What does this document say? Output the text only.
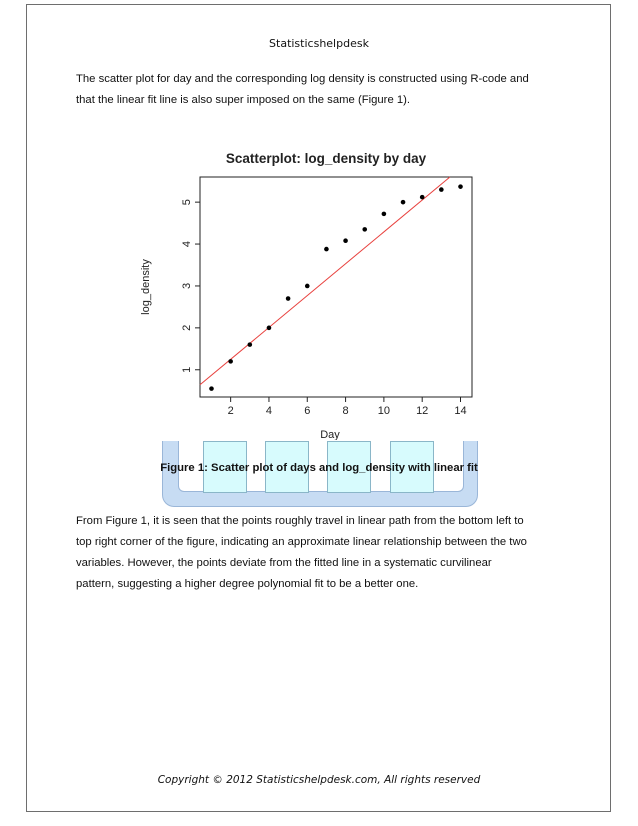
Statisticshelpdesk
The scatter plot for day and the corresponding log density is constructed using R-code and
that the linear fit line is also super imposed on the same (Figure 1).
Scatterplot: log_density by day
2	4	6	8	10 12 14
1
2
3
4
5
Day
log_density
Figure 1: Scatter plot of days and log_density with linear fit
From Figure 1, it is seen that the points roughly travel in linear path from the bottom left to
top right corner of the figure, indicating an approximate linear relationship between the two
variables. However, the points deviate from the fitted line in a systematic curvilinear
pattern, suggesting a higher degree polynomial fit to be a better one.
Copyright © 2012 Statisticshelpdesk.com, All rights reserved
